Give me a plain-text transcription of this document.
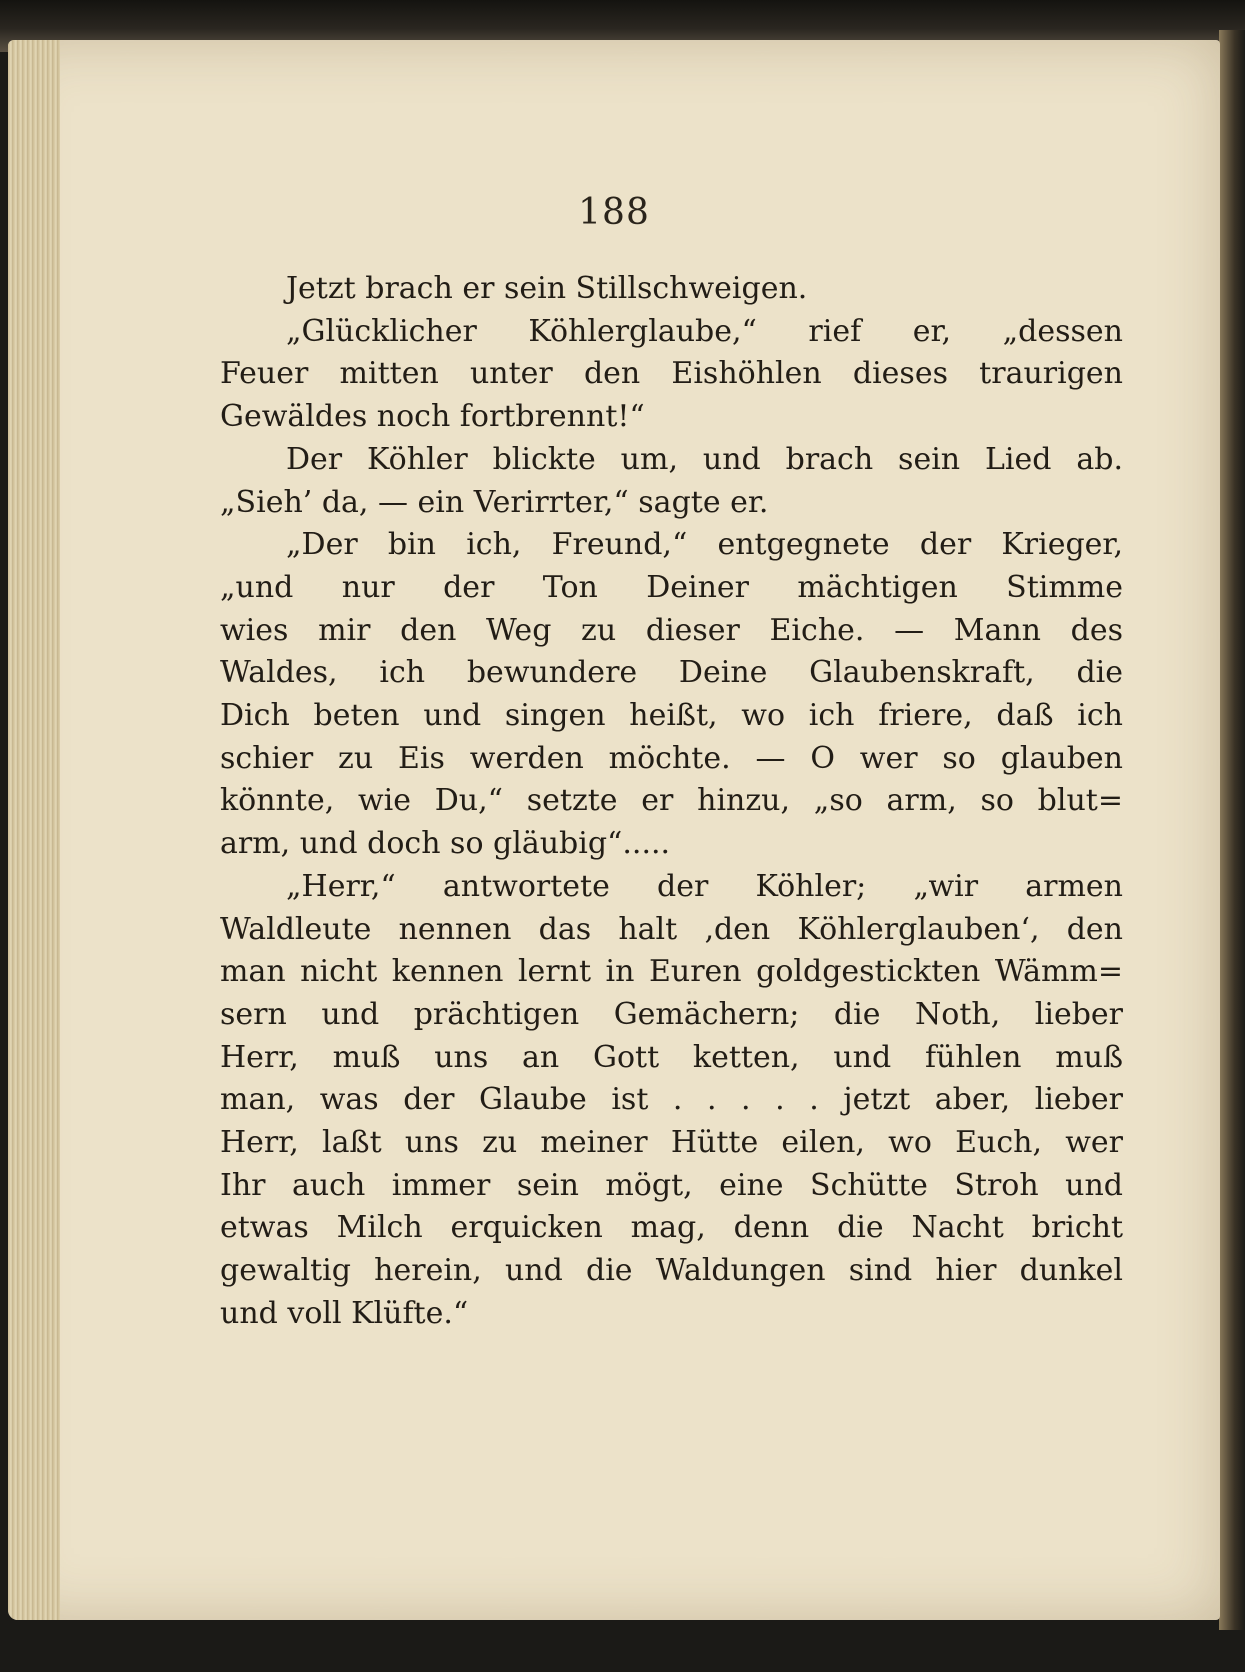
188
Jetzt brach er sein Stillschweigen.
„Glücklicher Köhlerglaube,“ rief er, „dessen
Feuer mitten unter den Eishöhlen dieses traurigen
Gewäldes noch fortbrennt!“
Der Köhler blickte um, und brach sein Lied ab.
„Sieh’ da, — ein Verirrter,“ sagte er.
„Der bin ich, Freund,“ entgegnete der Krieger,
„und nur der Ton Deiner mächtigen Stimme
wies mir den Weg zu dieser Eiche. — Mann des
Waldes, ich bewundere Deine Glaubenskraft, die
Dich beten und singen heißt, wo ich friere, daß ich
schier zu Eis werden möchte. — O wer so glauben
könnte, wie Du,“ setzte er hinzu, „so arm, so blut=
arm, und doch so gläubig“.....
„Herr,“ antwortete der Köhler; „wir armen
Waldleute nennen das halt ‚den Köhlerglauben‘, den
man nicht kennen lernt in Euren goldgestickten Wämm=
sern und prächtigen Gemächern; die Noth, lieber
Herr, muß uns an Gott ketten, und fühlen muß
man, was der Glaube ist . . . . . jetzt aber, lieber
Herr, laßt uns zu meiner Hütte eilen, wo Euch, wer
Ihr auch immer sein mögt, eine Schütte Stroh und
etwas Milch erquicken mag, denn die Nacht bricht
gewaltig herein, und die Waldungen sind hier dunkel
und voll Klüfte.“
